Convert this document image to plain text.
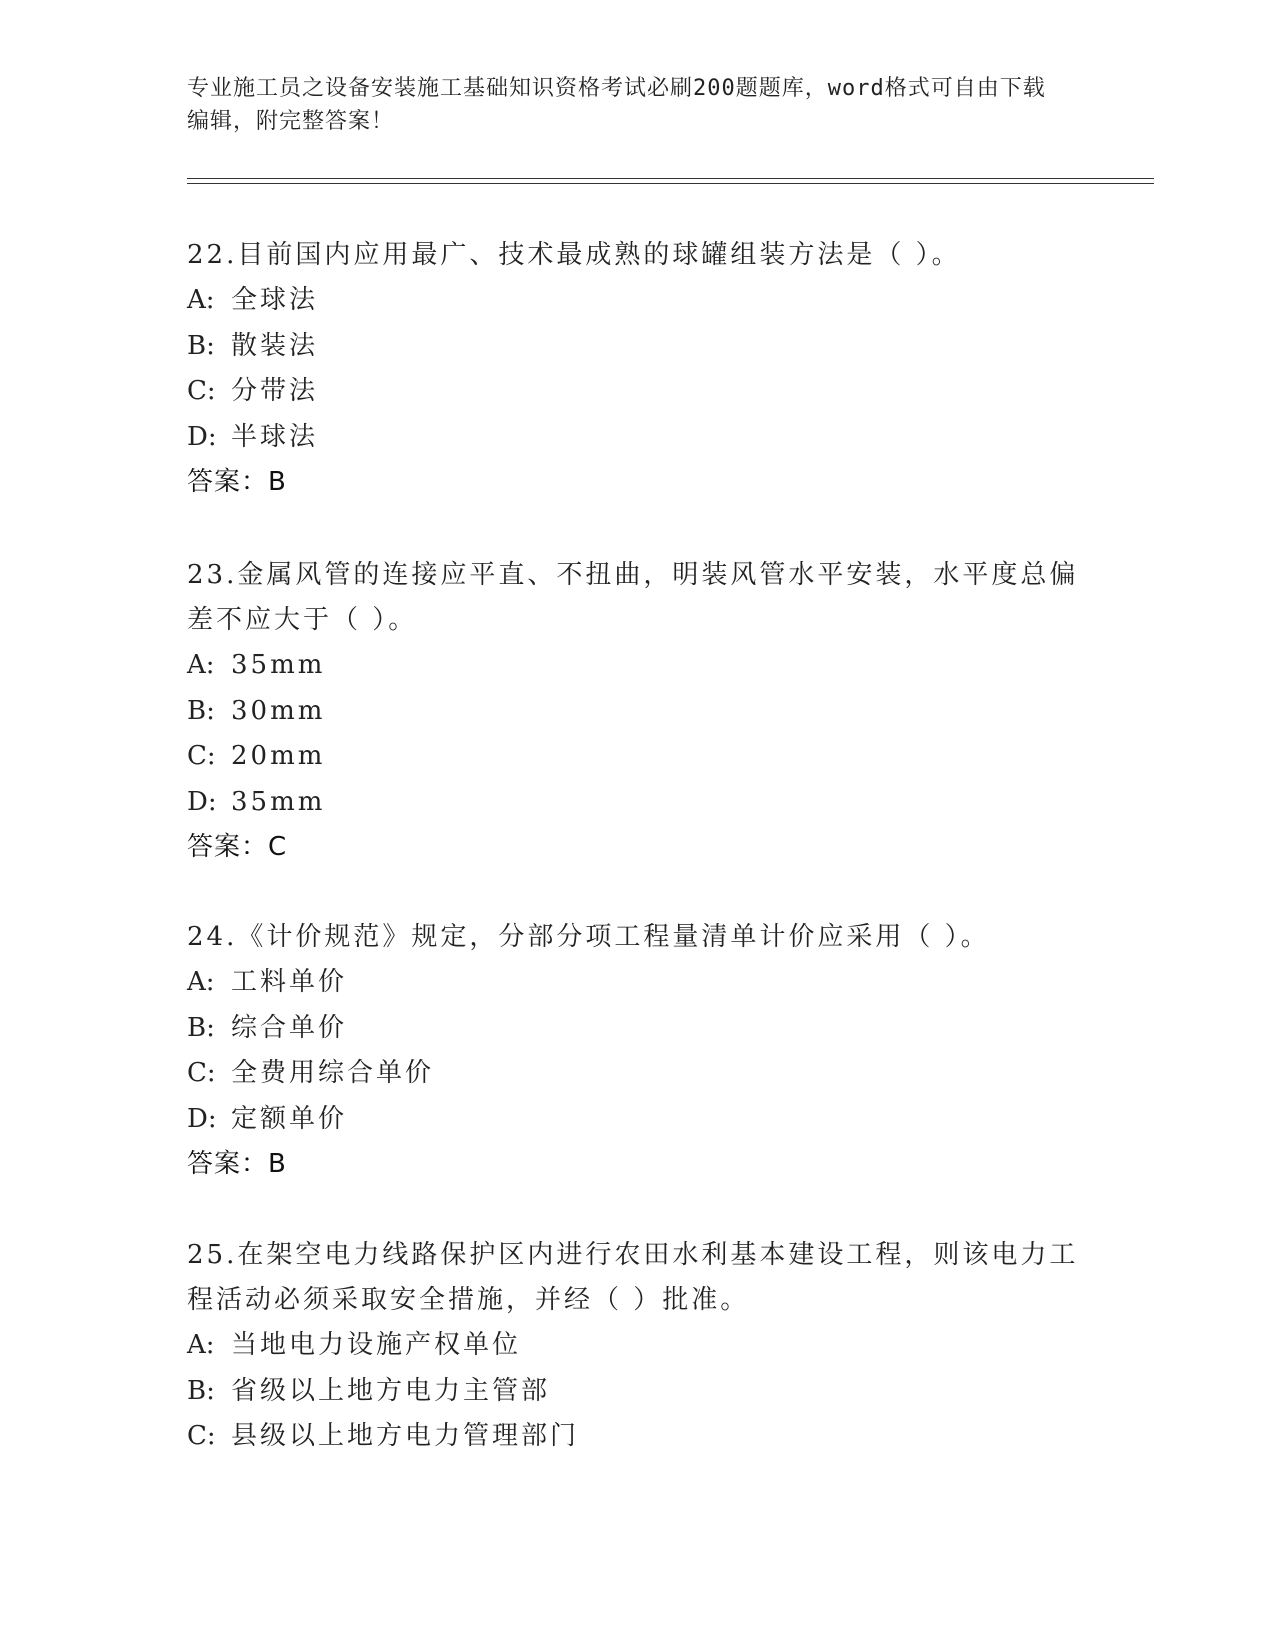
专业施工员之设备安装施工基础知识资格考试必刷200题题库，word格式可自由下载编辑，附完整答案！

22.目前国内应用最广、技术最成熟的球罐组装方法是（ ）。

A: 全球法
B: 散装法
C: 分带法
D: 半球法
答案：B

23.金属风管的连接应平直、不扭曲，明装风管水平安装，水平度总偏差不应大于（ ）。

A: 35mm
B: 30mm
C: 20mm
D: 35mm
答案：C

24.《计价规范》规定，分部分项工程量清单计价应采用（ ）。

A: 工料单价
B: 综合单价
C: 全费用综合单价
D: 定额单价
答案：B

25.在架空电力线路保护区内进行农田水利基本建设工程，则该电力工程活动必须采取安全措施，并经（ ）批准。

A: 当地电力设施产权单位
B: 省级以上地方电力主管部
C: 县级以上地方电力管理部门
